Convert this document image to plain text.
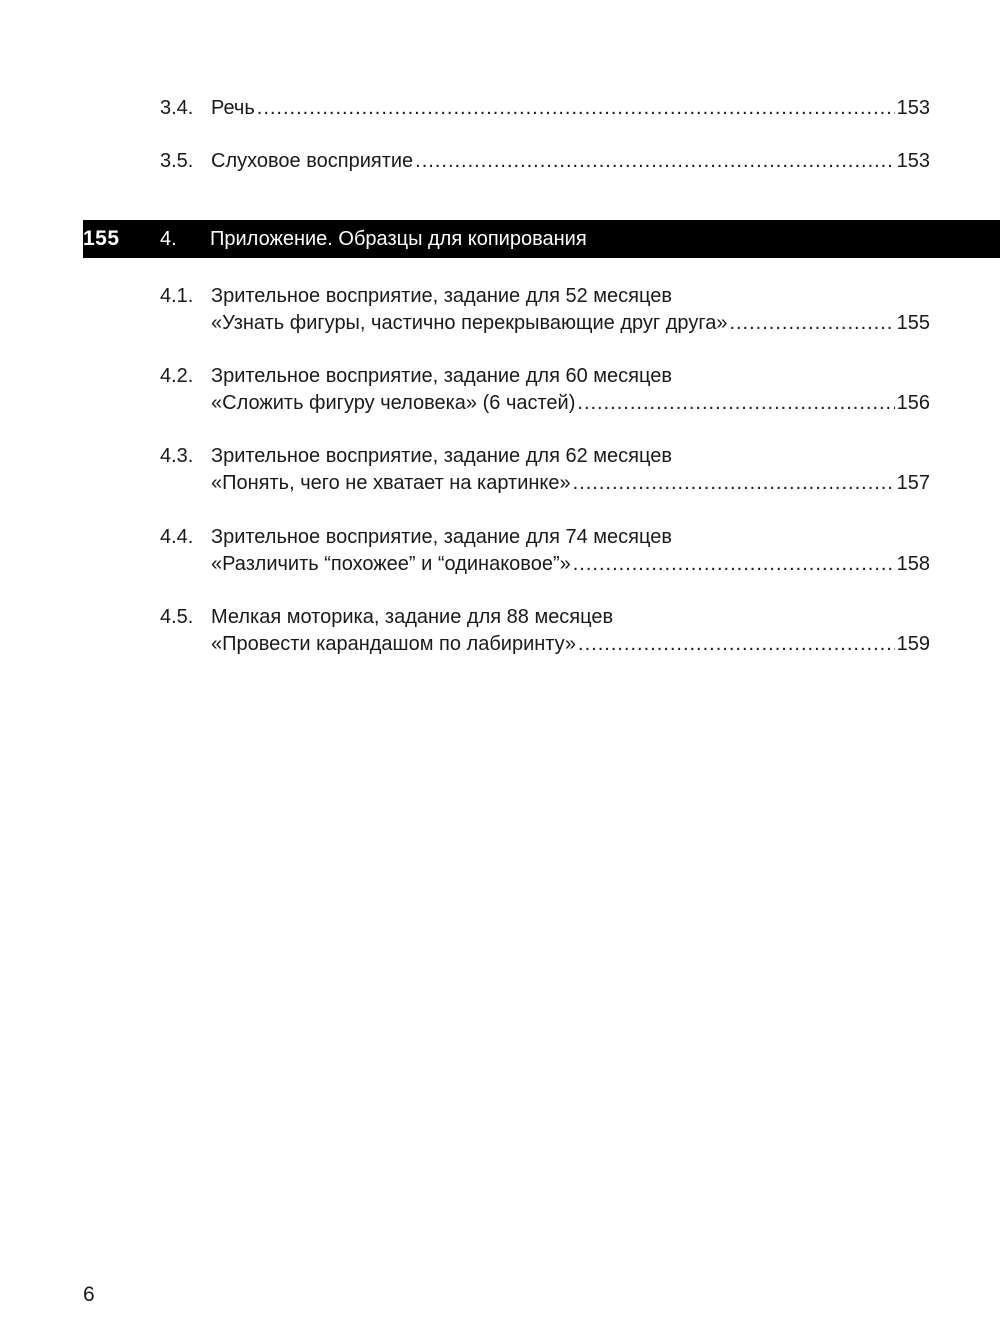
3.4. Речь .....	153
3.5. Слуховое восприятие .....	153
155	4.	Приложение. Образцы для копирования
4.1. Зрительное восприятие, задание для 52 месяцев
«Узнать фигуры, частично перекрывающие друг друга» .....	155
4.2. Зрительное восприятие, задание для 60 месяцев
«Сложить фигуру человека» (6 частей) .....	156
4.3. Зрительное восприятие, задание для 62 месяцев
«Понять, чего не хватает на картинке» .....	157
4.4. Зрительное восприятие, задание для 74 месяцев
«Различить “похожее” и “одинаковое”» .....	158
4.5. Мелкая моторика, задание для 88 месяцев
«Провести карандашом по лабиринту» .....	159
6
